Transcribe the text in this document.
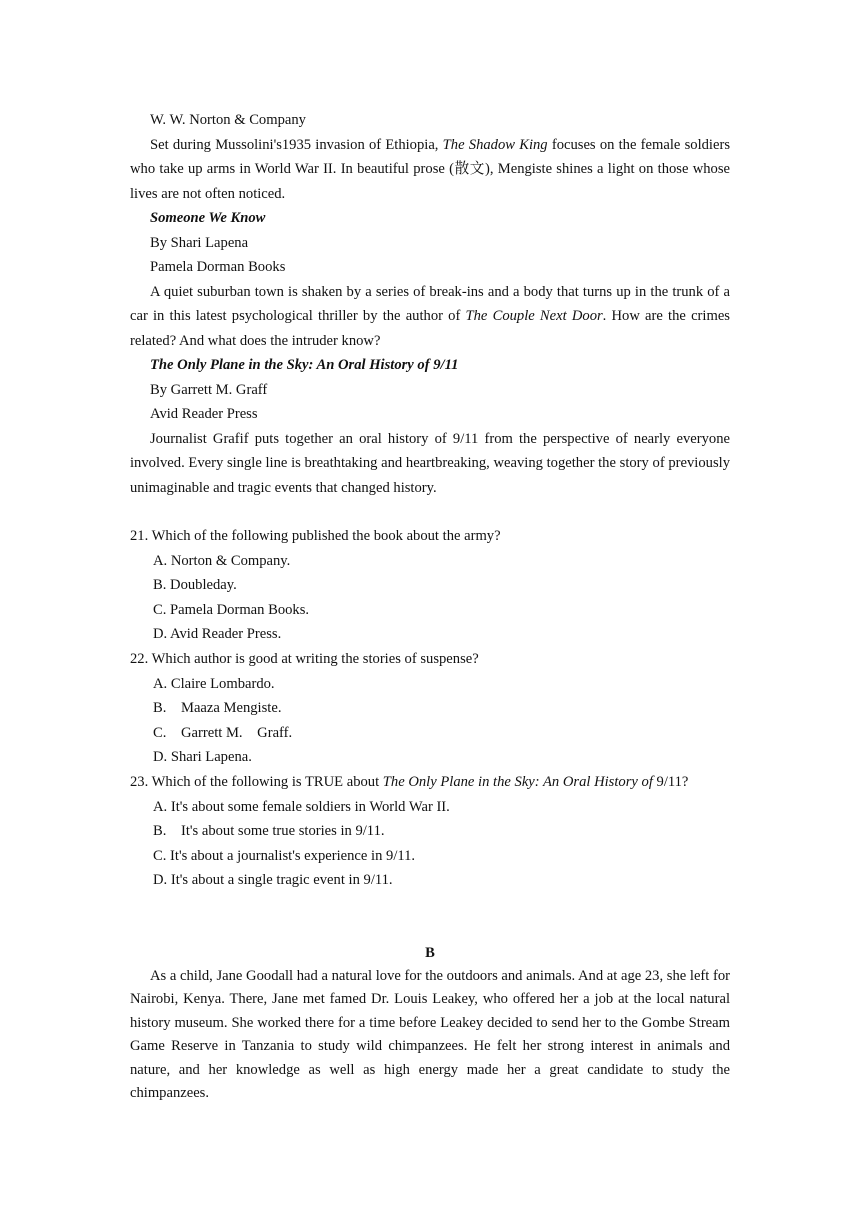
W. W. Norton & Company

Set during Mussolini's1935 invasion of Ethiopia, The Shadow King focuses on the female soldiers who take up arms in World War II. In beautiful prose (散文), Mengiste shines a light on those whose lives are not often noticed.

Someone We Know

By Shari Lapena

Pamela Dorman Books

A quiet suburban town is shaken by a series of break-ins and a body that turns up in the trunk of a car in this latest psychological thriller by the author of The Couple Next Door. How are the crimes related? And what does the intruder know?

The Only Plane in the Sky: An Oral History of 9/11

By Garrett M. Graff

Avid Reader Press

Journalist Grafif puts together an oral history of 9/11 from the perspective of nearly everyone involved. Every single line is breathtaking and heartbreaking, weaving together the story of previously unimaginable and tragic events that changed history.

21. Which of the following published the book about the army?

A. Norton & Company.

B. Doubleday.

C. Pamela Dorman Books.

D. Avid Reader Press.

22. Which author is good at writing the stories of suspense?

A. Claire Lombardo.

B.    Maaza Mengiste.

C.    Garrett M.    Graff.

D. Shari Lapena.

23. Which of the following is TRUE about The Only Plane in the Sky: An Oral History of 9/11?

A. It's about some female soldiers in World War II.

B.    It's about some true stories in 9/11.

C. It's about a journalist's experience in 9/11.

D. It's about a single tragic event in 9/11.

B

As a child, Jane Goodall had a natural love for the outdoors and animals. And at age 23, she left for Nairobi, Kenya. There, Jane met famed Dr. Louis Leakey, who offered her a job at the local natural history museum. She worked there for a time before Leakey decided to send her to the Gombe Stream Game Reserve in Tanzania to study wild chimpanzees. He felt her strong interest in animals and nature, and her knowledge as well as high energy made her a great candidate to study the chimpanzees.
